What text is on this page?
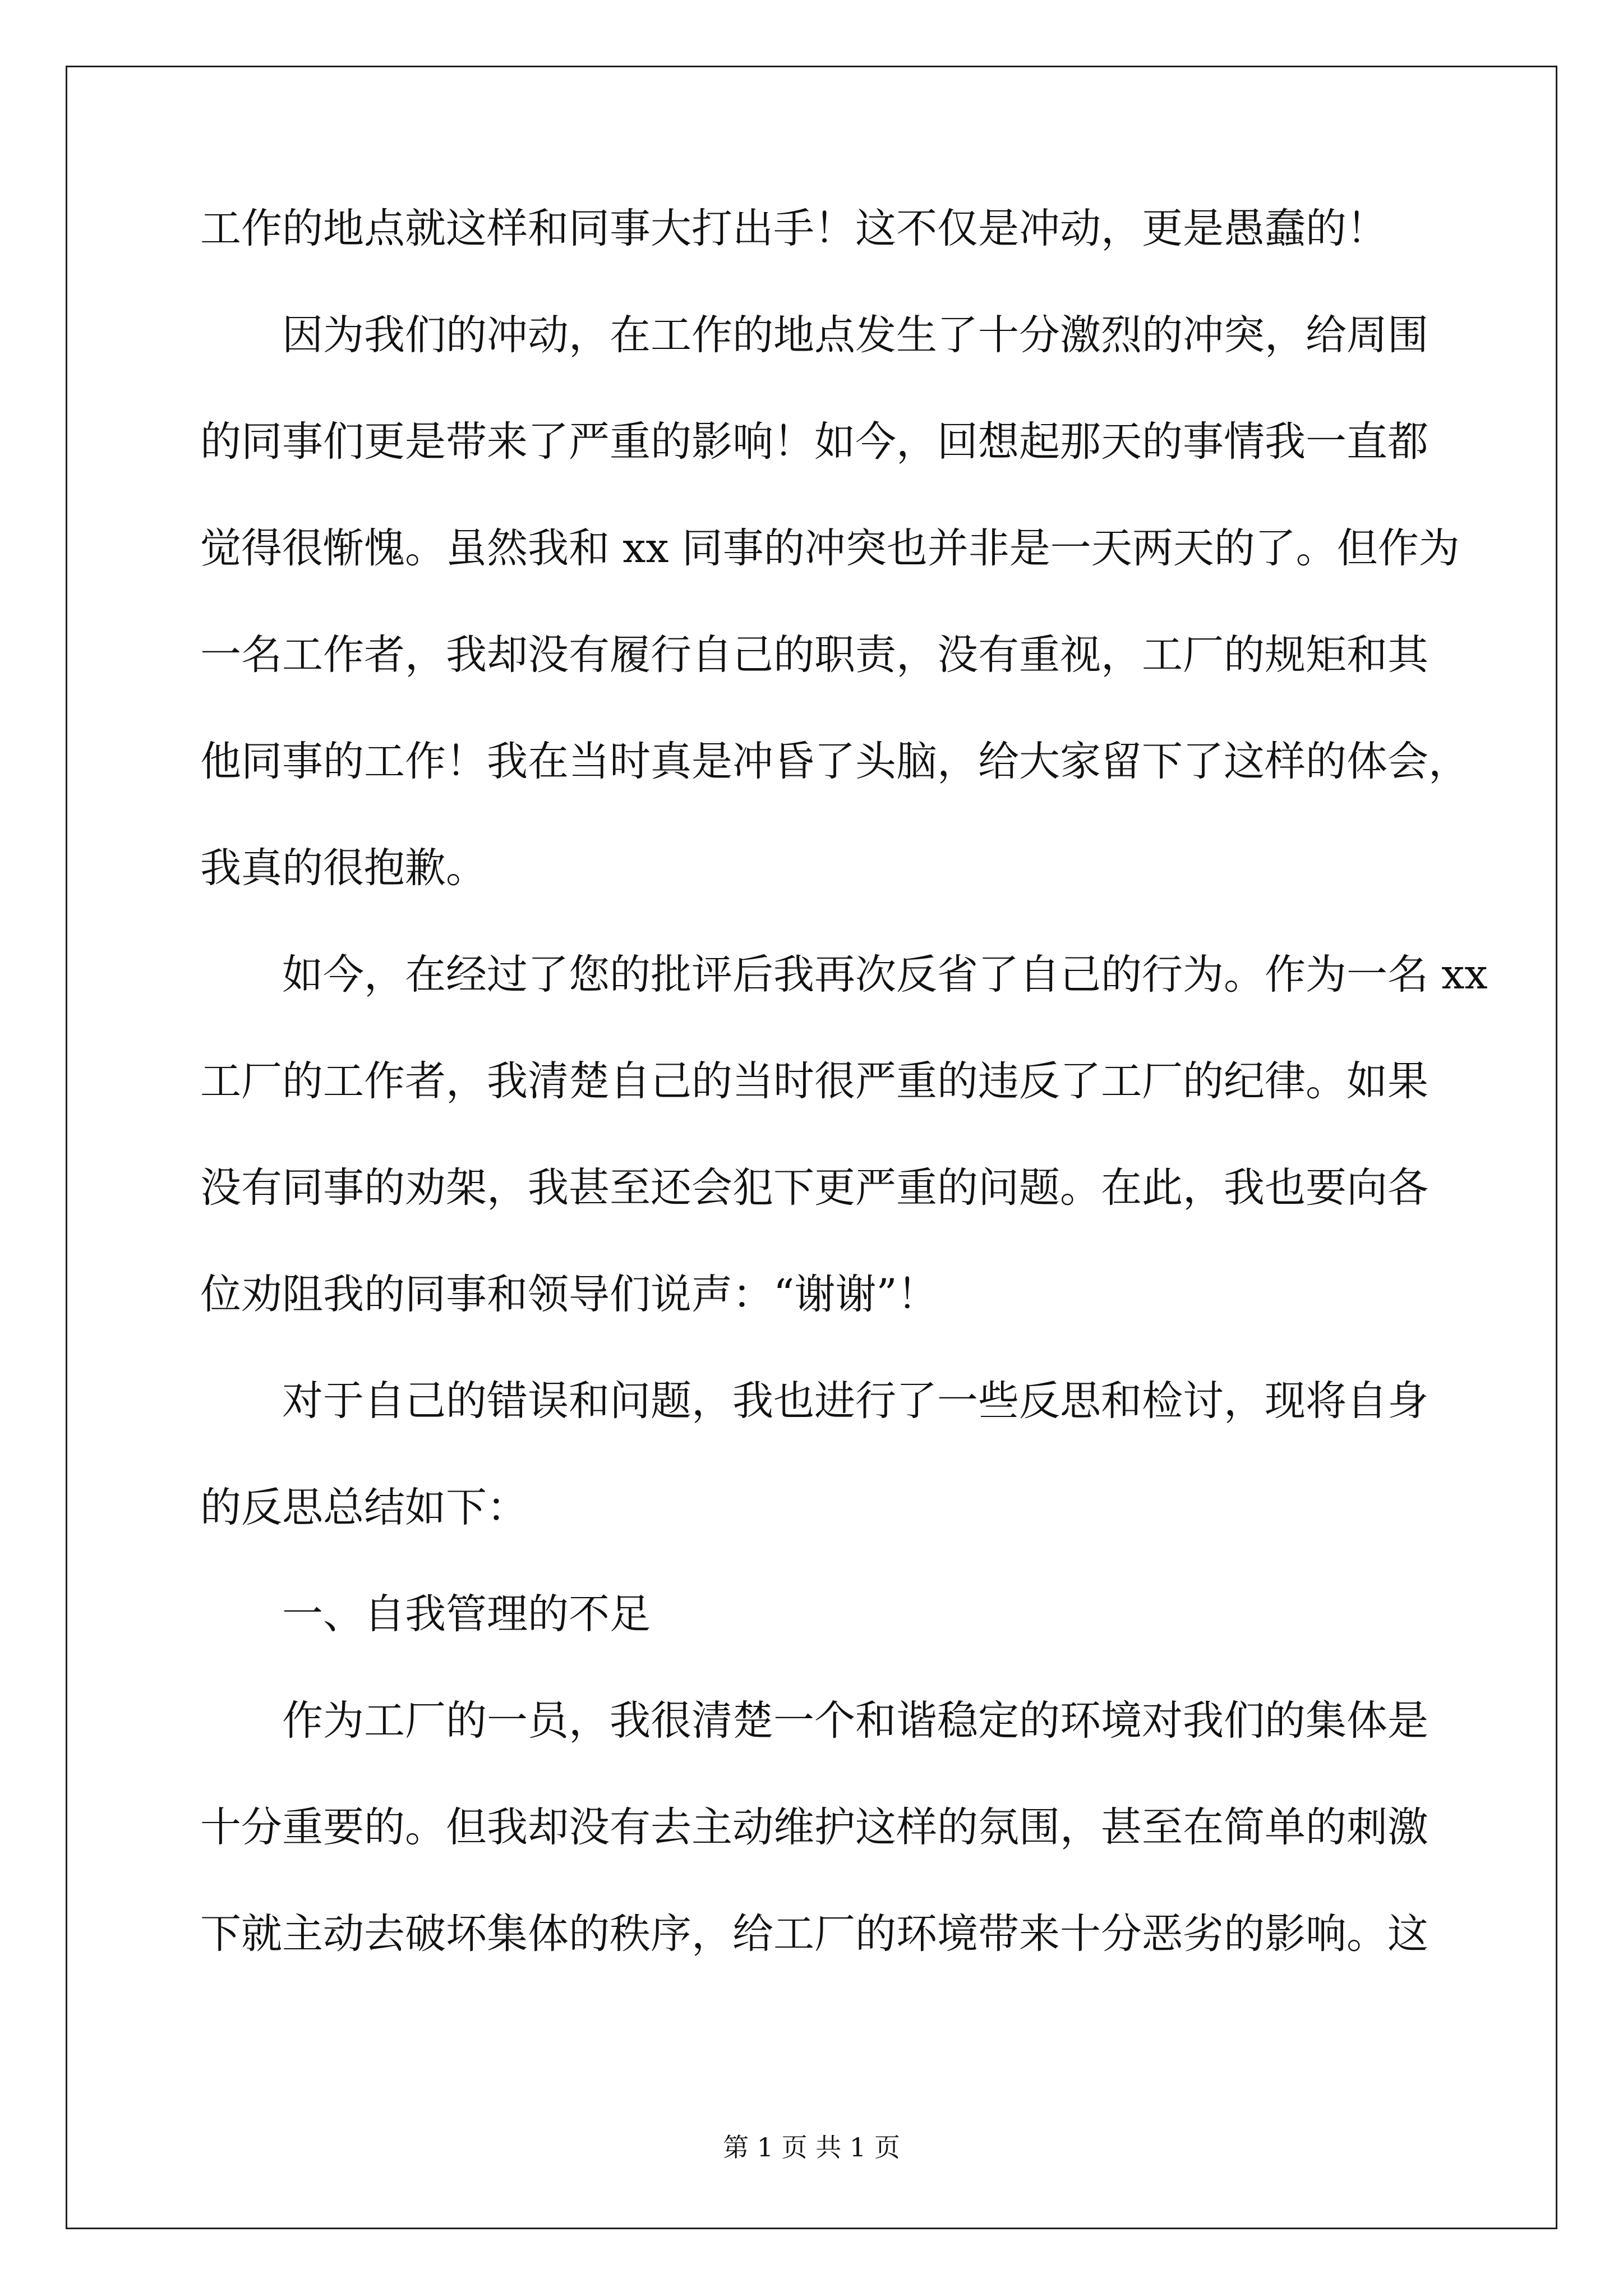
工作的地点就这样和同事大打出手！这不仅是冲动，更是愚蠢的！
因为我们的冲动，在工作的地点发生了十分激烈的冲突，给周围
的同事们更是带来了严重的影响！如今，回想起那天的事情我一直都
觉得很惭愧。虽然我和 xx 同事的冲突也并非是一天两天的了。但作为
一名工作者，我却没有履行自己的职责，没有重视，工厂的规矩和其
他同事的工作！我在当时真是冲昏了头脑，给大家留下了这样的体会，
我真的很抱歉。
如今，在经过了您的批评后我再次反省了自己的行为。作为一名 xx
工厂的工作者，我清楚自己的当时很严重的违反了工厂的纪律。如果
没有同事的劝架，我甚至还会犯下更严重的问题。在此，我也要向各
位劝阻我的同事和领导们说声：“谢谢”！
对于自己的错误和问题，我也进行了一些反思和检讨，现将自身
的反思总结如下：
一、自我管理的不足
作为工厂的一员，我很清楚一个和谐稳定的环境对我们的集体是
十分重要的。但我却没有去主动维护这样的氛围，甚至在简单的刺激
下就主动去破坏集体的秩序，给工厂的环境带来十分恶劣的影响。这
第 1 页 共 1 页
